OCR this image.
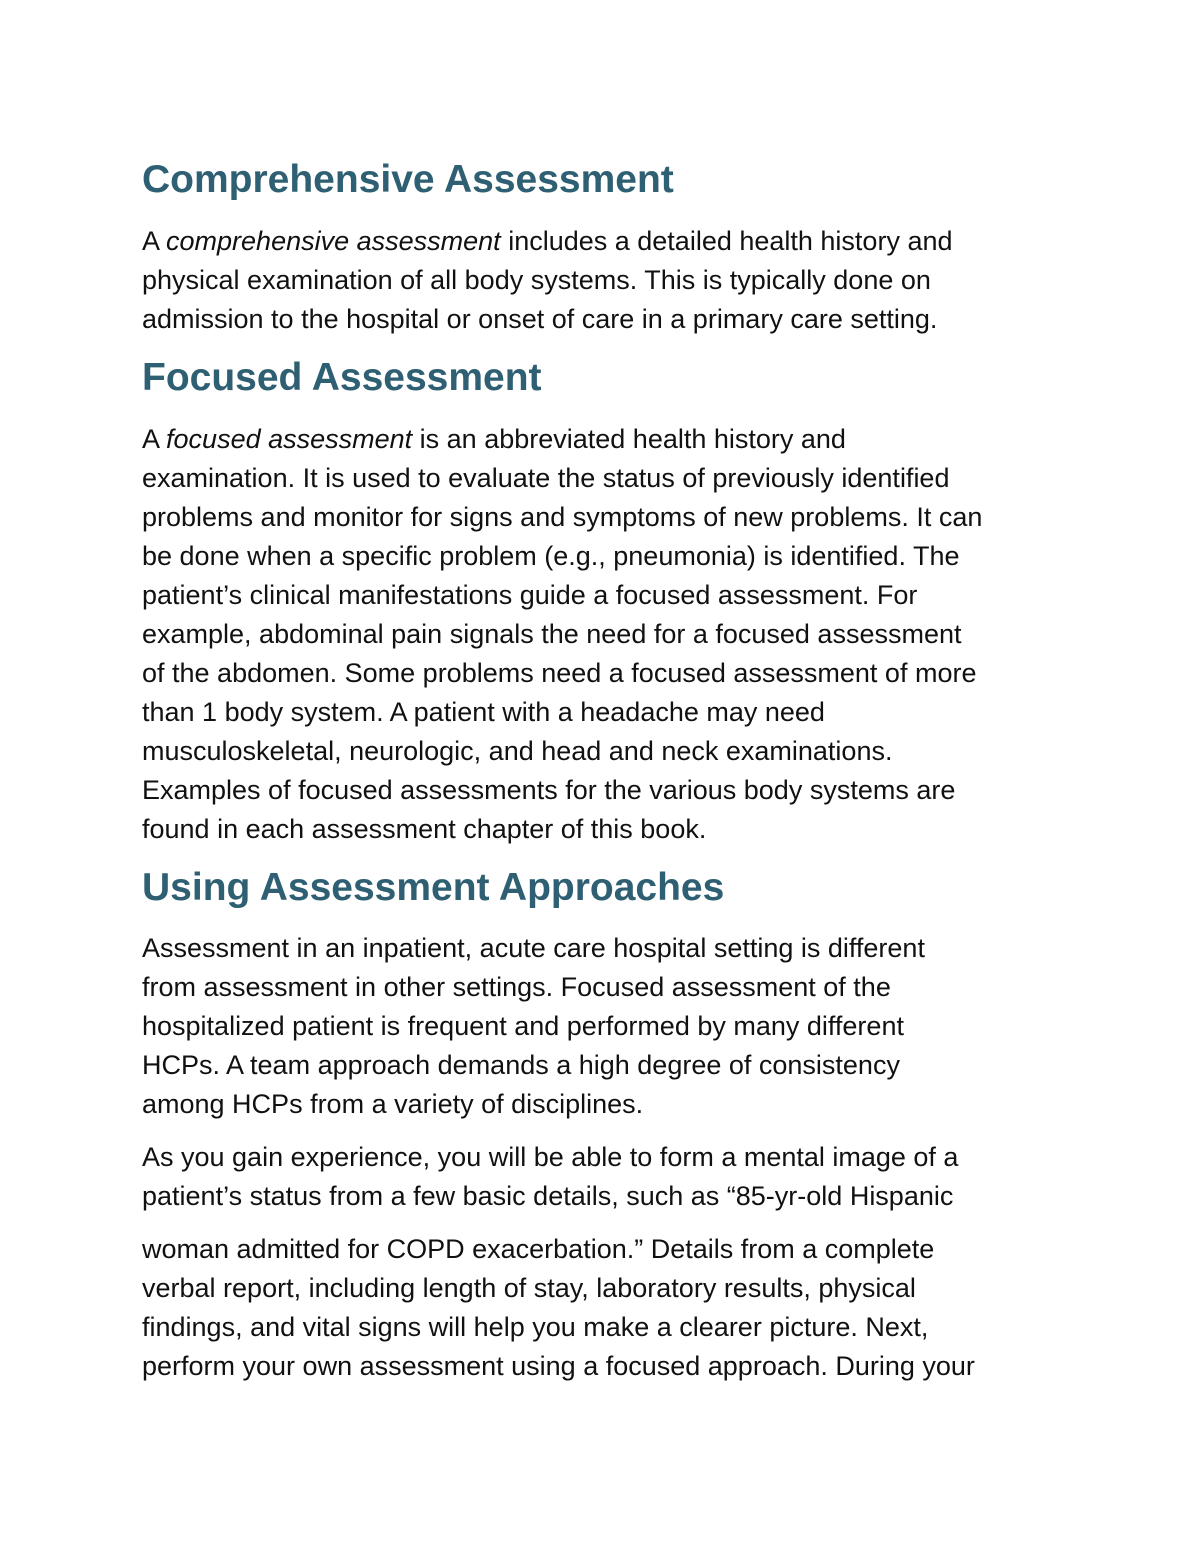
Comprehensive Assessment

A comprehensive assessment includes a detailed health history and
physical examination of all body systems. This is typically done on
admission to the hospital or onset of care in a primary care setting.

Focused Assessment

A focused assessment is an abbreviated health history and
examination. It is used to evaluate the status of previously identified
problems and monitor for signs and symptoms of new problems. It can
be done when a specific problem (e.g., pneumonia) is identified. The
patient’s clinical manifestations guide a focused assessment. For
example, abdominal pain signals the need for a focused assessment
of the abdomen. Some problems need a focused assessment of more
than 1 body system. A patient with a headache may need
musculoskeletal, neurologic, and head and neck examinations.
Examples of focused assessments for the various body systems are
found in each assessment chapter of this book.

Using Assessment Approaches

Assessment in an inpatient, acute care hospital setting is different
from assessment in other settings. Focused assessment of the
hospitalized patient is frequent and performed by many different
HCPs. A team approach demands a high degree of consistency
among HCPs from a variety of disciplines.

As you gain experience, you will be able to form a mental image of a
patient’s status from a few basic details, such as “85-yr-old Hispanic

woman admitted for COPD exacerbation.” Details from a complete
verbal report, including length of stay, laboratory results, physical
findings, and vital signs will help you make a clearer picture. Next,
perform your own assessment using a focused approach. During your
